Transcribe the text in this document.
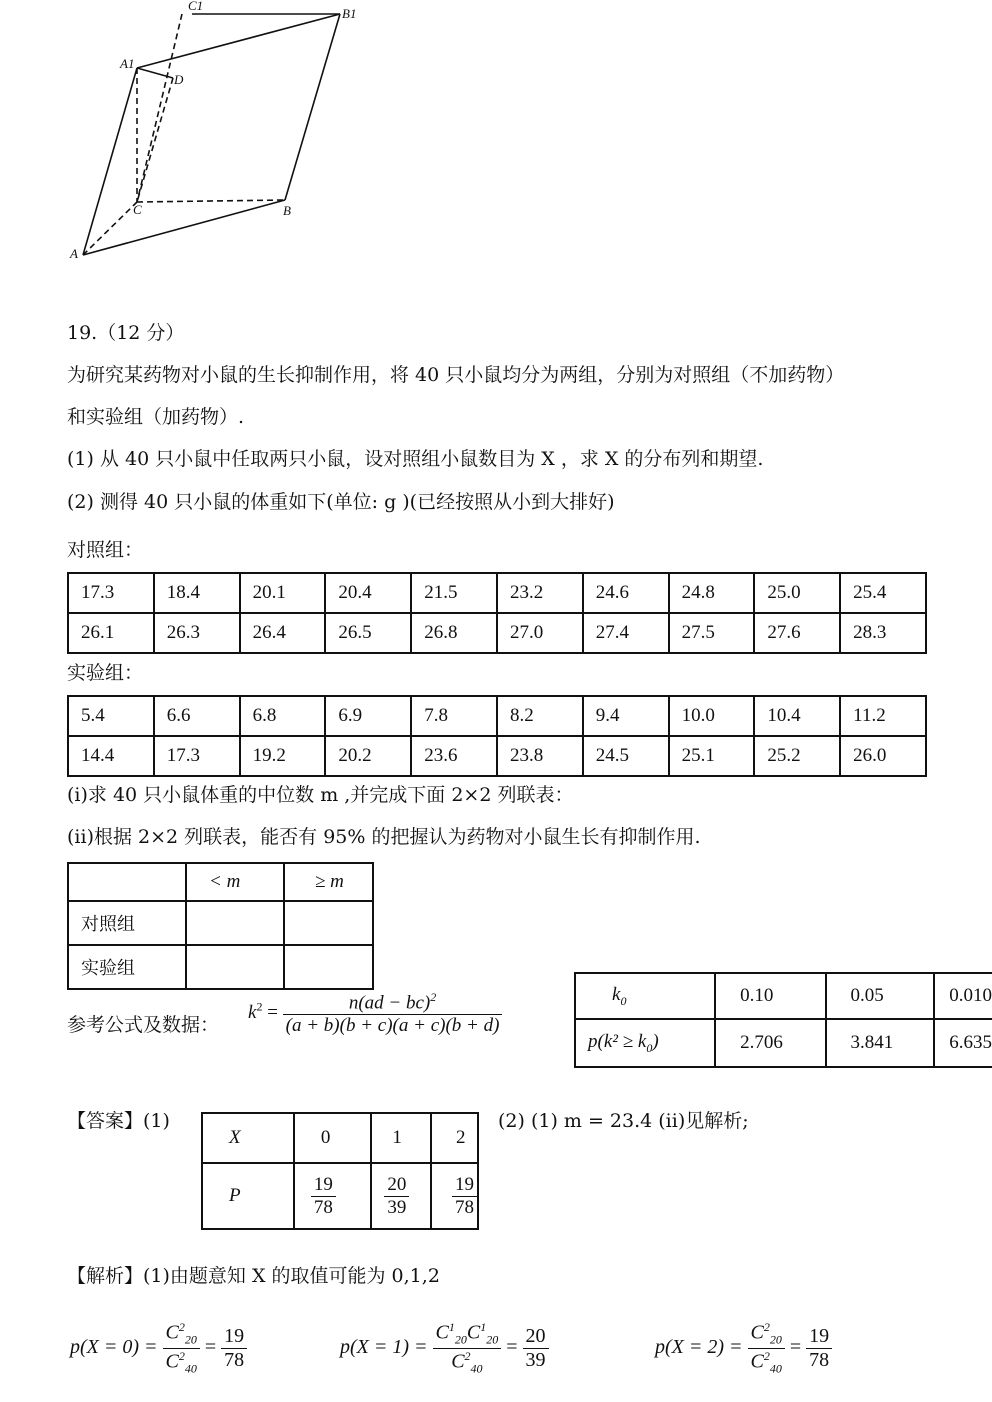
C1
B1
A1
D
C	B
A
19.（12 分）
为研究某药物对小鼠的生长抑制作用，将 40 只小鼠均分为两组，分别为对照组（不加药物）
和实验组（加药物）.
(1) 从 40 只小鼠中任取两只小鼠，设对照组小鼠数目为 X ，求 X 的分布列和期望.
(2) 测得 40 只小鼠的体重如下(单位: g )(已经按照从小到大排好)
对照组：
17.3	18.4	20.1	20.4	21.5	23.2	24.6	24.8	25.0	25.4
26.1	26.3	26.4	26.5	26.8	27.0	27.4	27.5	27.6	28.3
实验组：
5.4	6.6	6.8	6.9	7.8	8.2	9.4	10.0	10.4	11.2
14.4	17.3	19.2	20.2	23.6	23.8	24.5	25.1	25.2	26.0
(i)求 40 只小鼠体重的中位数 m ,并完成下面 2×2 列联表：
(ii)根据 2×2 列联表，能否有 95% 的把握认为药物对小鼠生长有抑制作用.
	< m	≥ m
对照组		
实验组		
参考公式及数据：
$k^2 = \frac{n(ad - bc)^2}{(a + b)(b + c)(a + c)(b + d)}$	$k_0$	0.10	0.05	0.010
$p(k^2 \ge k_0)$	2.706	3.841	6.635
【答案】(1)
X	0	1	2
P	$\frac{19}{78}$	$\frac{20}{39}$	$\frac{19}{78}$
(2) (1) m = 23.4 (ii)见解析;
【解析】(1)由题意知 X 的取值可能为 0,1,2
$p(X = 0) = \frac{C^2_{20}}{C^2_{40}} = \frac{19}{78}$	$p(X = 1) = \frac{C^1_{20}C^1_{20}}{C^2_{40}} = \frac{20}{39}$	$p(X = 2) = \frac{C^2_{20}}{C^2_{40}} = \frac{19}{78}$
